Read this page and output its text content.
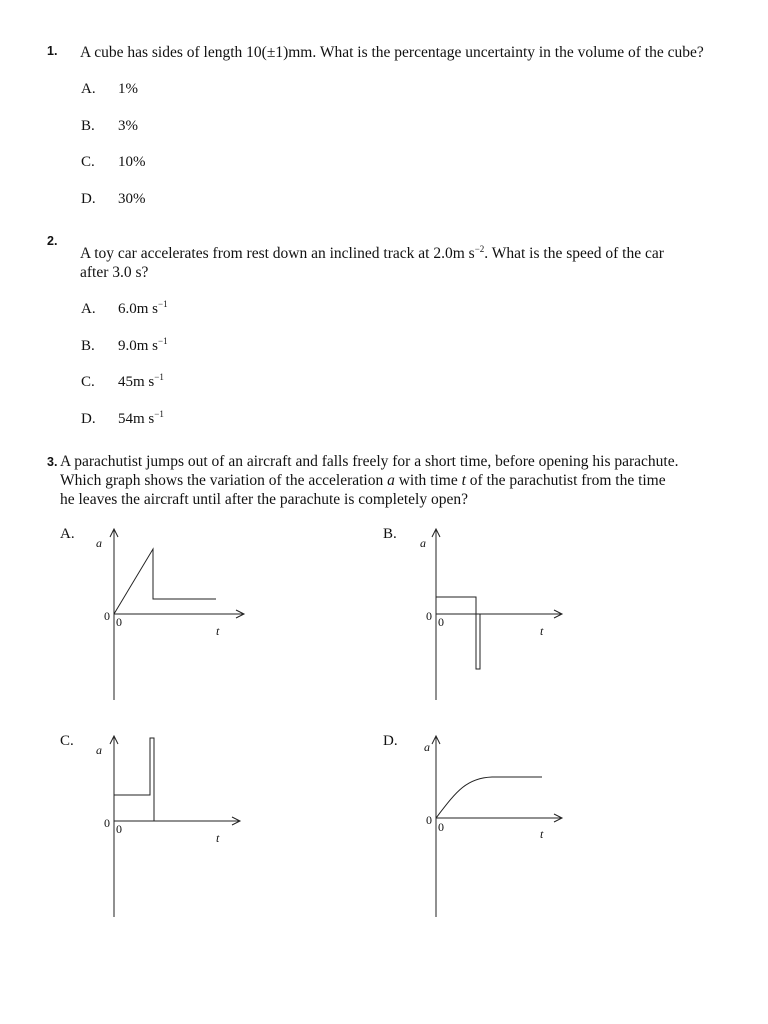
1. A cube has sides of length 10(±1)mm. What is the percentage uncertainty in the volume of the cube?
A. 1%
B. 3%
C. 10%
D. 30%
2.
A toy car accelerates from rest down an inclined track at 2.0m $s^{-2}$. What is the speed of the car
after 3.0 s?
A. 6.0m $s^{-1}$
B. 9.0m $s^{-1}$
C. 45m $s^{-1}$
D. 54m $s^{-1}$
3. A parachutist jumps out of an aircraft and falls freely for a short time, before opening his parachute.
Which graph shows the variation of the acceleration a with time t of the parachutist from the time
he leaves the aircraft until after the parachute is completely open?
A.
a
t
0 0
B.
a
t
0 0
C.
a
t
0 0
D. a
t
0 0
